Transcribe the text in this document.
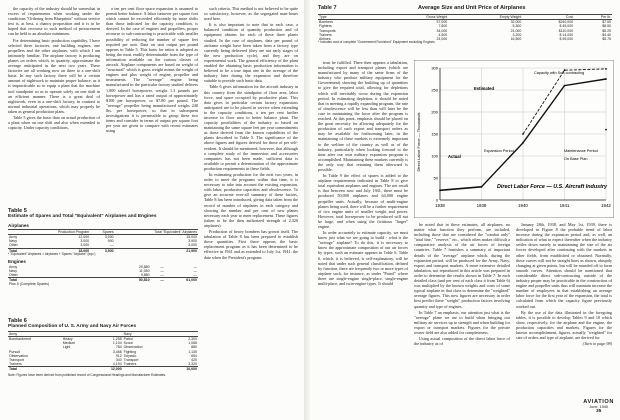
the capacity of the industry should be somewhat in excess of requirements when working under the conditions "Ordering from Blueprints" without service test is, at best, a chancy proposition and it is to be hoped that recourse to such method of procurement can be held to an absolute minimum.

For determining basic production capability, I have selected three factories, one building engines, one propellers and the other airplanes, with which I am intimately familiar. The airplane factory is producing planes on orders which, in quantity, approximate the average anticipated in the next two years. These factories are all working now on three to a one-shift basis. In any such factory there will be a certain amount of nightwork to maintain proper balance, as it is impracticable so to equip a plant that the machine tool standpoint so as to operate solely on one shift in an efficient manner. There is a great deal of nightwork, even in a one-shift factory, in contrast to normal industrial operations, which may properly be taken as general production plans.

Table 5 gives the basic data on actual production of a plant when on one shift and also when extended to capacity. Under capacity conditions,

a ten per cent floor space expansion is assumed to permit better balance. A labor turnover per square foot which cannot be exceeded efficiently by more shifts than those indicated for the capacity condition, is derived. In the case of engines and propellers, proper recourse to sub-contracting is practicable with smaller possibility of reducing the number of square feet required per unit. Data on unit output per pound appears in Table 5. This basis for ratios is adopted as being the most readily determinable from the type of information available on the various classes of aircraft. Airplane components are based on weight of "structural" which is gross weight minus the weight of engines and plus weight of engine, propeller and instruments. The "average" engine being manufactured in the particular factory studied delivers 1,000 takeoff horsepower, weighs 1.3 pounds per horsepower and has a rated output of approximately $100 per horsepower, or $7.80 per pound. The "average" propeller being manufactured weighs 240 lbs. per horsepower, so that in subsequent investigations it is permissible to group these two items and consider in terms of output per square foot per year are given to compare with recent estimates using

such criteria. This method is not believed to be quite so satisfactory, however, as the segregated man-hours used here.

It is also important to note that in each case, a balanced condition of quantity production and of equipment obtains for each of these three plants studied. In the case of airplanes, data per pound of airframe weight have been taken from a factory type currently being delivered (they are not early stages of the new production cycle), and they are on experimental work. The general efficiency of the plant enabled the obtaining basic production information is believed to be a true input one in the average of the industry later during the expansion and therefore suitable to provide such basic data.

Table 6 gives information for the aircraft industry in this country from the standpoint of floor area, labor force, and space occupied by productive plant. This data gives in particular certain factory expansions anticipated are to be placed in service when extending to the capacity conditions, a ten per cent further increase in floor area to better balance plant. The capacity possibilities of the industry so based on maintaining the same square feet per year commitments as those derived from the known capabilities of the plants described in Table 5. The significance of the above figures and figures derived for those of per self-evident. It should be mentioned, however, that although a complete study of the immersion and accessories companies has not been made, sufficient data is available to permit a determination of the approximate production requirements in these fields.

In estimating production for the next two years, in order to meet the programs within that time, it is necessary to take into account the existing expansion, with labor, productive capacities and obsolescence. To give an accurate over-all summary of these factors, Table 8 has been introduced, giving data taken from the record of number of airplanes in each category and showing the number and per cent of new planes necessary each year to meet replacement. These figures (taken to be the then authorized strength of 2,320 airplanes).

Production of heavy bombers has grown itself. The tabulation of Table 8 has been prepared to establish these quantities. First there appears the basic replacement program as it has been determined to be effective in 1941 and as extended to July 1st, 1941, the date when the President's program

Table 5
Estimate of Spares and Total "Equivalent" Airplanes and Engines
Airplanes
	Production Program	Spares	Total "Equivalent" Airplanes
Army	12,000	3,000	15,000
Navy	3,000	900	3,900
Other	3,000	—	3,000
Total	18,000	3,900	21,900
* "Equivalent" Airplanes = Airplanes + Spares "Airplane" (eqv.)
Engines
Army	29,880	—	—
Navy	11,050	—	—
Other	9,880	—	—
Total	50,810	—	61,000
Plus 5 (Complete Spares)			
Table 6
Planned Composition of U. S. Army and Navy Air Forces
Army			Navy	
Bombardment	Heavy	1,258	Patrol	2,300
	Medium	1,104	Scout	1,068
	Light	784	Observation	880
Pursuit		3,468	Fighting	1,130
Observation		912	Torpedo	654
Transport		340	Transport	420
Trainers		4,194	Trainers	3,320
Total		12,000		10,000
Note: Figures have been derived from published record of Congressional Hearings and Manufacturer Estimates.
Table 7	Average Size and Unit Price of Airplanes
Type	Gross Weight	Empty Weight	Cost	Per lb.
Bombers	57,000	32,000	$240,000	$7.50
Fighters	7,800	5,300	$ 45,000	$8.50
Transports	34,000	21,000	$110,000	$5.25
Trainers	4,500	3,200	$ 14,000	$4.40
Airlines	24,000	16,500	$ 95,000	$5.75
* Includes cost of complete "Government Furnished" Equipment excluding Engines

trust be fulfilled. There then appears a tabulation, including export and transport planes (which are manufactured by many of the same firms of the industry who produce military equipment for the Government) showing the building up of quantities to give the required total, allowing for depletions which will inevitably occur during the expansion period. In estimating depletion, it should be noted that in meeting a rapidly expanding program, the rate of obsolescence will be less than will later be the case in maintaining the force after the program is reached. At this point, emphasis should be placed on the great necessity for allowing adequately for the production of such export and transport orders as may be available for forthcoming later, in the maintaining of these markets is extremely important to the welfare of the country as well as of the industry, particularly when looking forward to the time after our own military expansion program is accomplished. Maintaining these markets currently is the only way that retaining them afterward is possible.

In Table 9 the effect of spares is added to the airplane requirements indicated in Table 8 to give total equivalent airplanes and engines. The net result is that between now and July 1941, there must be produced 50,000 airplanes and 64,000 engine propeller units. Actually, because of multi-engine planes being used, there will be a further requirement of two engine units of smaller weight and power. However, total horsepower to be produced will not be large, and when using the fictitious "larger" engine.

In order accurately to estimate capacity, we must know just what we are going to build - what is the "average" airplane? To do this, it is necessary to know the approximate composition of our air forces by types, such an estimate appears in Table 6. Table 6, which, it is believed, is self-explanatory, will be noted that under such general classification, defined by function, there are frequently two or more types of airplane such, for instance, as under "Patrol" where there are single-engine single-place, single-engine multi-place, and twin-engine types. It should

0
50
100
150
200
250
300
1938	1939	1940	1941	1942
Direct Labor Force — Thousands
Direct Labor Force — U.S. Aircraft Industry
Estimated
Actual
Capacity with Sub-contracting
Expansion Period	Maintenance Period
On Base Plan

be noted that in these estimates, all airplanes, no matter what function they perform, are included, including those that are considered the "combat only" "total line," "reserve," etc., which often makes difficult a comparative analysis of the air forces of foreign countries. Table 7 furnishes a summary of important details of the "average" airplane which, during the expansion period, will be produced for the Army, Navy, export and transport markets. A more extensive detailed tabulation, not reproduced in this article was prepared in order to determine the results shown in Table 7. In each detailed class (and per cent of each class it from Table 6) was multiplied by the known weights and costs of some typical airplane in that class to determine the "weighted" average figures. This now figures are necessary in order best predict these "weight" production factors involving quantity and type of engines.

In Table 7 an emphasis, our attention just what is the "average" plane we are to build when bringing our military air services up to strength and when building for export or transport markets. Figures for the private owner field are also added for completeness.

Using actual composition of the direct labor force of the industry as of

January 28th, 1938, and May 1st, 1939, there is developed in Figure 8 the probable trend of labor increase during the expansion period and, as well, an indication of what to expect thereafter when the industry settles down merely to maintaining the size of the air forces developed after continuing with the markets in other fields, from established or obtained. Normally, these curves will not be straight lines as shown, abruptly changing at given points, but will be rounded off to form smooth curves. Attention should be mentioned that considerable direct sub-contracting outside of the industry proper may be practicable in the construction of engine and propeller units thus will maintain increase the number of employees in that establishing an average labor force for the first year of the expansion, the total is calculated from which the capacity figure previously worked out.

By the use of the data illustrated in the foregoing tables, it is possible to develop Tables 9 and 10 which show, respectively, for the airplane and the engine, the production capacities and markets. Figures for the known accomplishment, figures, actually "weighted" for size of orders and type of airplane, are derived for

(Turn to page 98)
AVIATION
June, 1940
35
